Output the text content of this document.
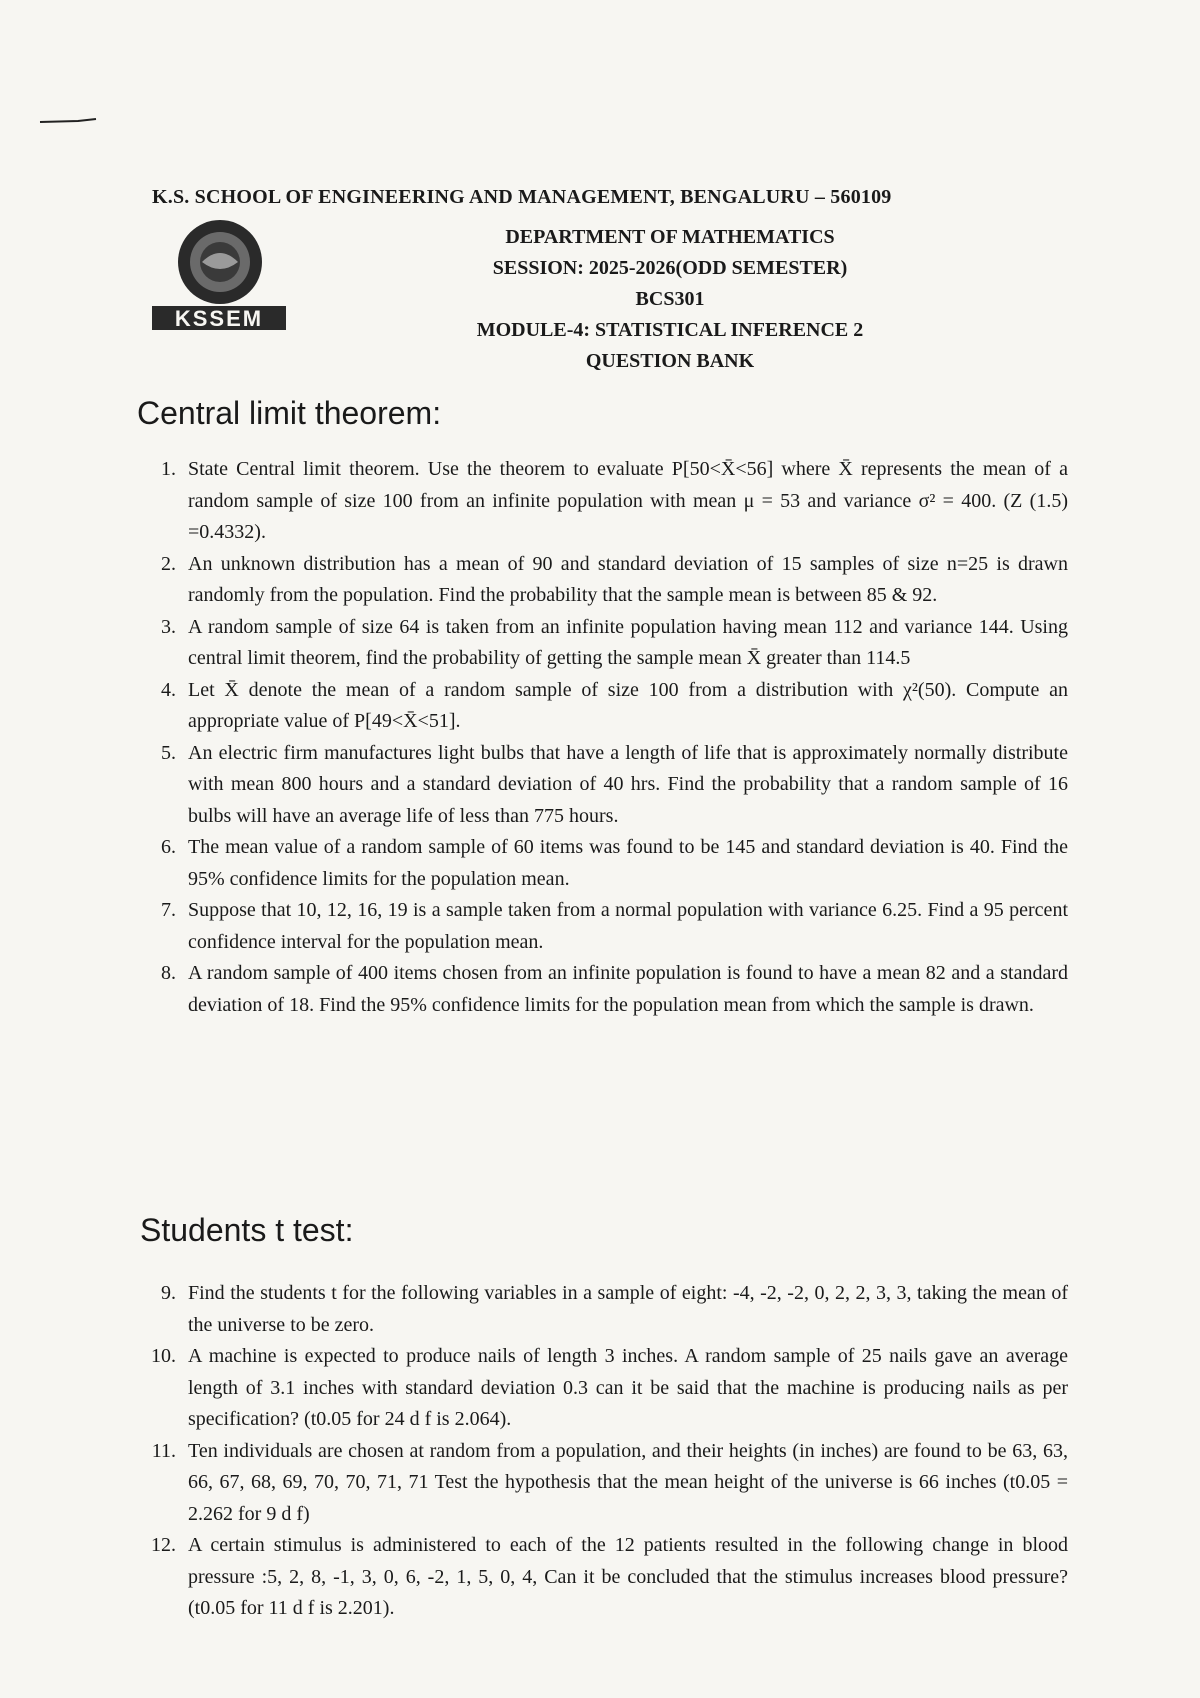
K.S. SCHOOL OF ENGINEERING AND MANAGEMENT, BENGALURU – 560109
KSSEM
DEPARTMENT OF MATHEMATICS
SESSION: 2025-2026(ODD SEMESTER)
BCS301
MODULE-4: STATISTICAL INFERENCE 2
QUESTION BANK
Central limit theorem:
1. State Central limit theorem. Use the theorem to evaluate P[50<X̄<56] where X̄ represents the mean of a random sample of size 100 from an infinite population with mean μ = 53 and variance σ² = 400. (Z (1.5) =0.4332).
2. An unknown distribution has a mean of 90 and standard deviation of 15 samples of size n=25 is drawn randomly from the population. Find the probability that the sample mean is between 85 & 92.
3. A random sample of size 64 is taken from an infinite population having mean 112 and variance 144. Using central limit theorem, find the probability of getting the sample mean X̄ greater than 114.5
4. Let X̄ denote the mean of a random sample of size 100 from a distribution with χ²(50). Compute an appropriate value of P[49<X̄<51].
5. An electric firm manufactures light bulbs that have a length of life that is approximately normally distribute with mean 800 hours and a standard deviation of 40 hrs. Find the probability that a random sample of 16 bulbs will have an average life of less than 775 hours.
6. The mean value of a random sample of 60 items was found to be 145 and standard deviation is 40. Find the 95% confidence limits for the population mean.
7. Suppose that 10, 12, 16, 19 is a sample taken from a normal population with variance 6.25. Find a 95 percent confidence interval for the population mean.
8. A random sample of 400 items chosen from an infinite population is found to have a mean 82 and a standard deviation of 18. Find the 95% confidence limits for the population mean from which the sample is drawn.
Students t test:
9. Find the students t for the following variables in a sample of eight: -4, -2, -2, 0, 2, 2, 3, 3, taking the mean of the universe to be zero.
10. A machine is expected to produce nails of length 3 inches. A random sample of 25 nails gave an average length of 3.1 inches with standard deviation 0.3 can it be said that the machine is producing nails as per specification? (t0.05 for 24 d f is 2.064).
11. Ten individuals are chosen at random from a population, and their heights (in inches) are found to be 63, 63, 66, 67, 68, 69, 70, 70, 71, 71 Test the hypothesis that the mean height of the universe is 66 inches (t0.05 = 2.262 for 9 d f)
12. A certain stimulus is administered to each of the 12 patients resulted in the following change in blood pressure :5, 2, 8, -1, 3, 0, 6, -2, 1, 5, 0, 4, Can it be concluded that the stimulus increases blood pressure? (t0.05 for 11 d f is 2.201).
